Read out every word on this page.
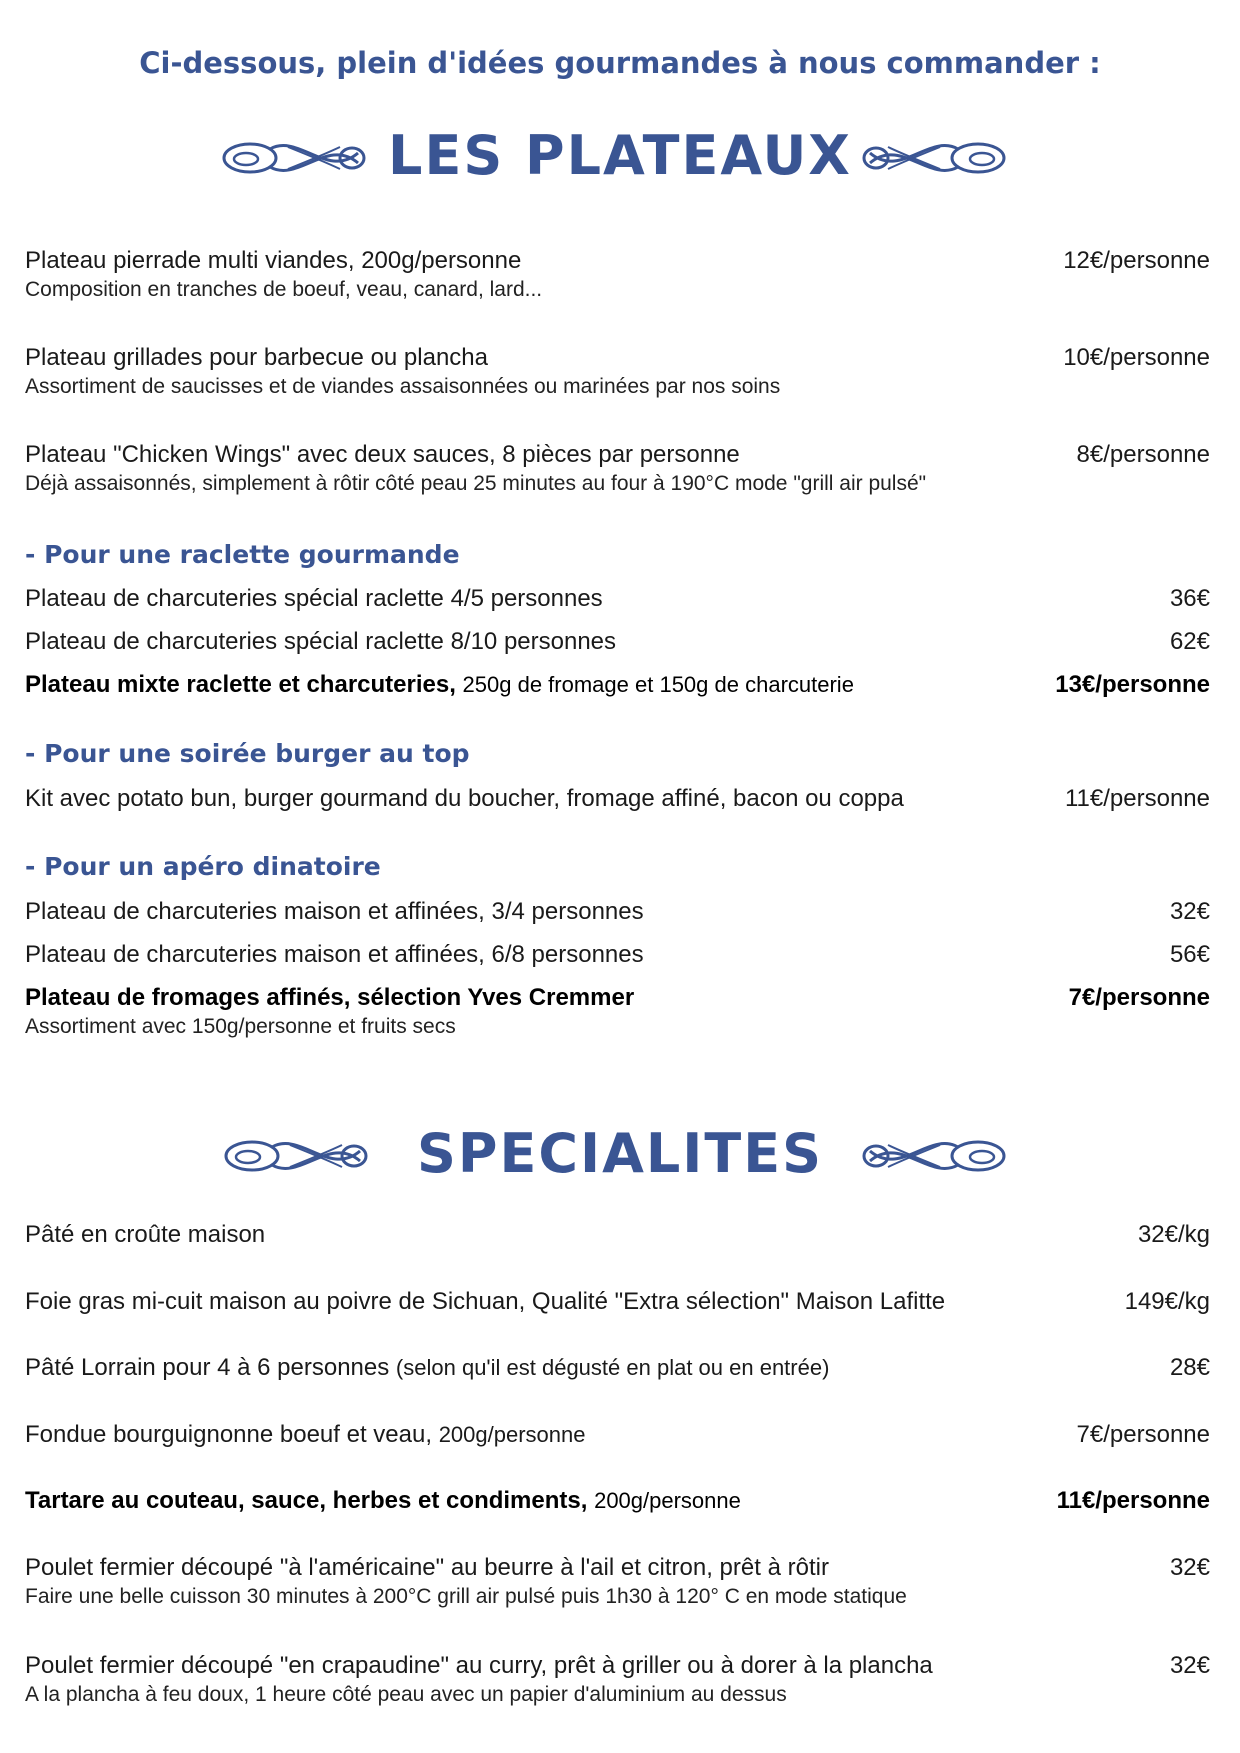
Ci-dessous, plein d'idées gourmandes à nous commander :
LES PLATEAUX
Plateau pierrade multi viandes, 200g/personne	12€/personne
Composition en tranches de boeuf, veau, canard, lard...
Plateau grillades pour barbecue ou plancha	10€/personne
Assortiment de saucisses et de viandes assaisonnées ou marinées par nos soins
Plateau "Chicken Wings" avec deux sauces, 8 pièces par personne	8€/personne
Déjà assaisonnés, simplement à rôtir côté peau 25 minutes au four à 190°C mode "grill air pulsé"
- Pour une raclette gourmande
Plateau de charcuteries spécial raclette 4/5 personnes	36€
Plateau de charcuteries spécial raclette 8/10 personnes	62€
Plateau mixte raclette et charcuteries, 250g de fromage et 150g de charcuterie	13€/personne
- Pour une soirée burger au top
Kit avec potato bun, burger gourmand du boucher, fromage affiné, bacon ou coppa	11€/personne
- Pour un apéro dinatoire
Plateau de charcuteries maison et affinées, 3/4 personnes	32€
Plateau de charcuteries maison et affinées, 6/8 personnes	56€
Plateau de fromages affinés, sélection Yves Cremmer	7€/personne
Assortiment avec 150g/personne et fruits secs
SPECIALITES
Pâté en croûte maison	32€/kg
Foie gras mi-cuit maison au poivre de Sichuan, Qualité "Extra sélection" Maison Lafitte	149€/kg
Pâté Lorrain pour 4 à 6 personnes (selon qu'il est dégusté en plat ou en entrée)	28€
Fondue bourguignonne boeuf et veau, 200g/personne	7€/personne
Tartare au couteau, sauce, herbes et condiments, 200g/personne	11€/personne
Poulet fermier découpé "à l'américaine" au beurre à l'ail et citron, prêt à rôtir	32€
Faire une belle cuisson 30 minutes à 200°C grill air pulsé puis 1h30 à 120° C en mode statique
Poulet fermier découpé "en crapaudine" au curry, prêt à griller ou à dorer à la plancha	32€
A la plancha à feu doux, 1 heure côté peau avec un papier d'aluminium au dessus
